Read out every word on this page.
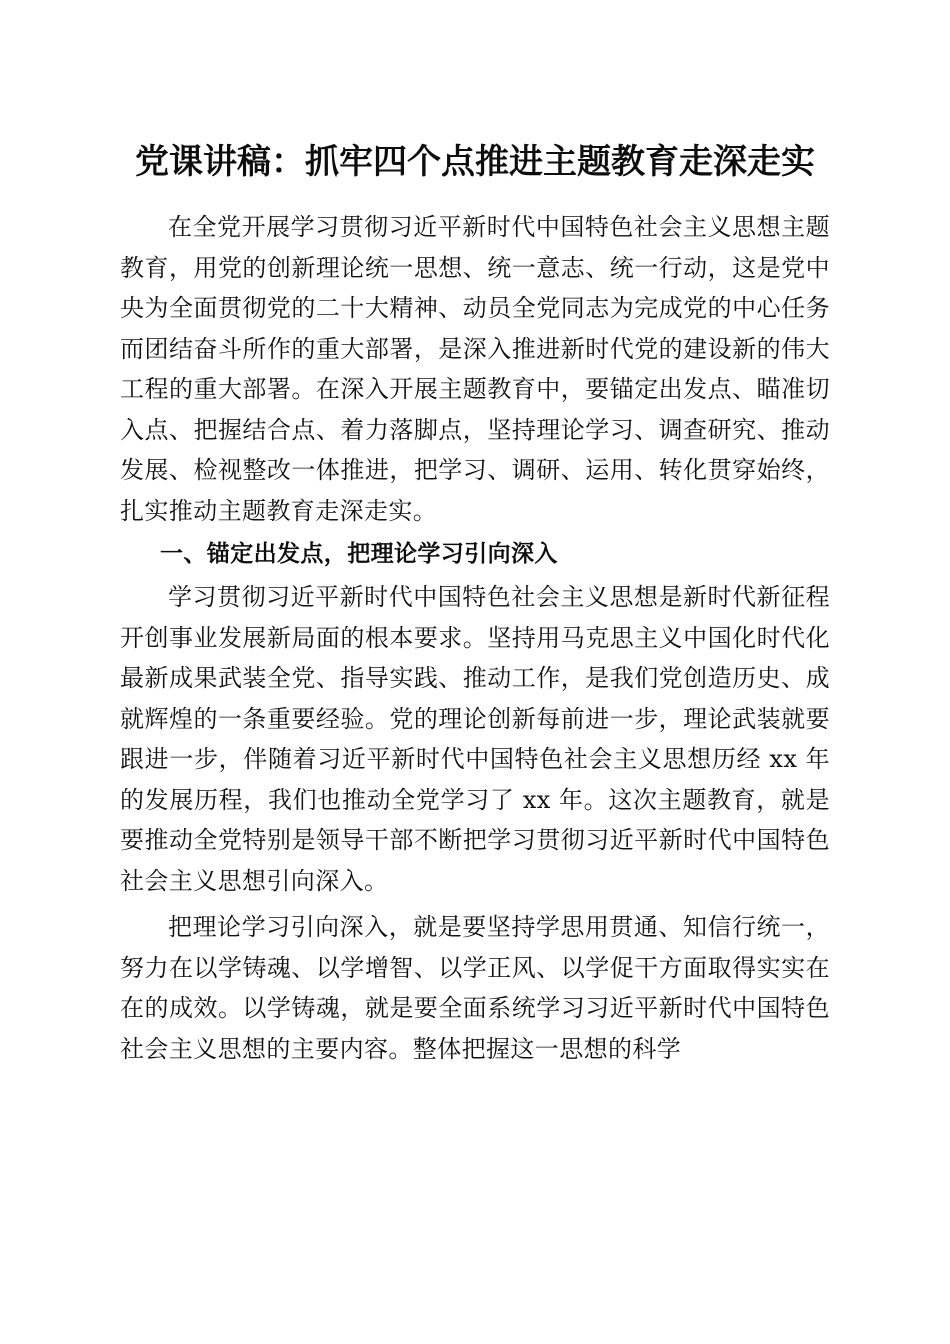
党课讲稿：抓牢四个点推进主题教育走深走实

在全党开展学习贯彻习近平新时代中国特色社会主义思想主题教育，用党的创新理论统一思想、统一意志、统一行动，这是党中央为全面贯彻党的二十大精神、动员全党同志为完成党的中心任务而团结奋斗所作的重大部署，是深入推进新时代党的建设新的伟大工程的重大部署。在深入开展主题教育中，要锚定出发点、瞄准切入点、把握结合点、着力落脚点，坚持理论学习、调查研究、推动发展、检视整改一体推进，把学习、调研、运用、转化贯穿始终，扎实推动主题教育走深走实。

一、锚定出发点，把理论学习引向深入

学习贯彻习近平新时代中国特色社会主义思想是新时代新征程开创事业发展新局面的根本要求。坚持用马克思主义中国化时代化最新成果武装全党、指导实践、推动工作，是我们党创造历史、成就辉煌的一条重要经验。党的理论创新每前进一步，理论武装就要跟进一步，伴随着习近平新时代中国特色社会主义思想历经 xx 年的发展历程，我们也推动全党学习了 xx 年。这次主题教育，就是要推动全党特别是领导干部不断把学习贯彻习近平新时代中国特色社会主义思想引向深入。

把理论学习引向深入，就是要坚持学思用贯通、知信行统一，努力在以学铸魂、以学增智、以学正风、以学促干方面取得实实在在的成效。以学铸魂，就是要全面系统学习习近平新时代中国特色社会主义思想的主要内容。整体把握这一思想的科学
